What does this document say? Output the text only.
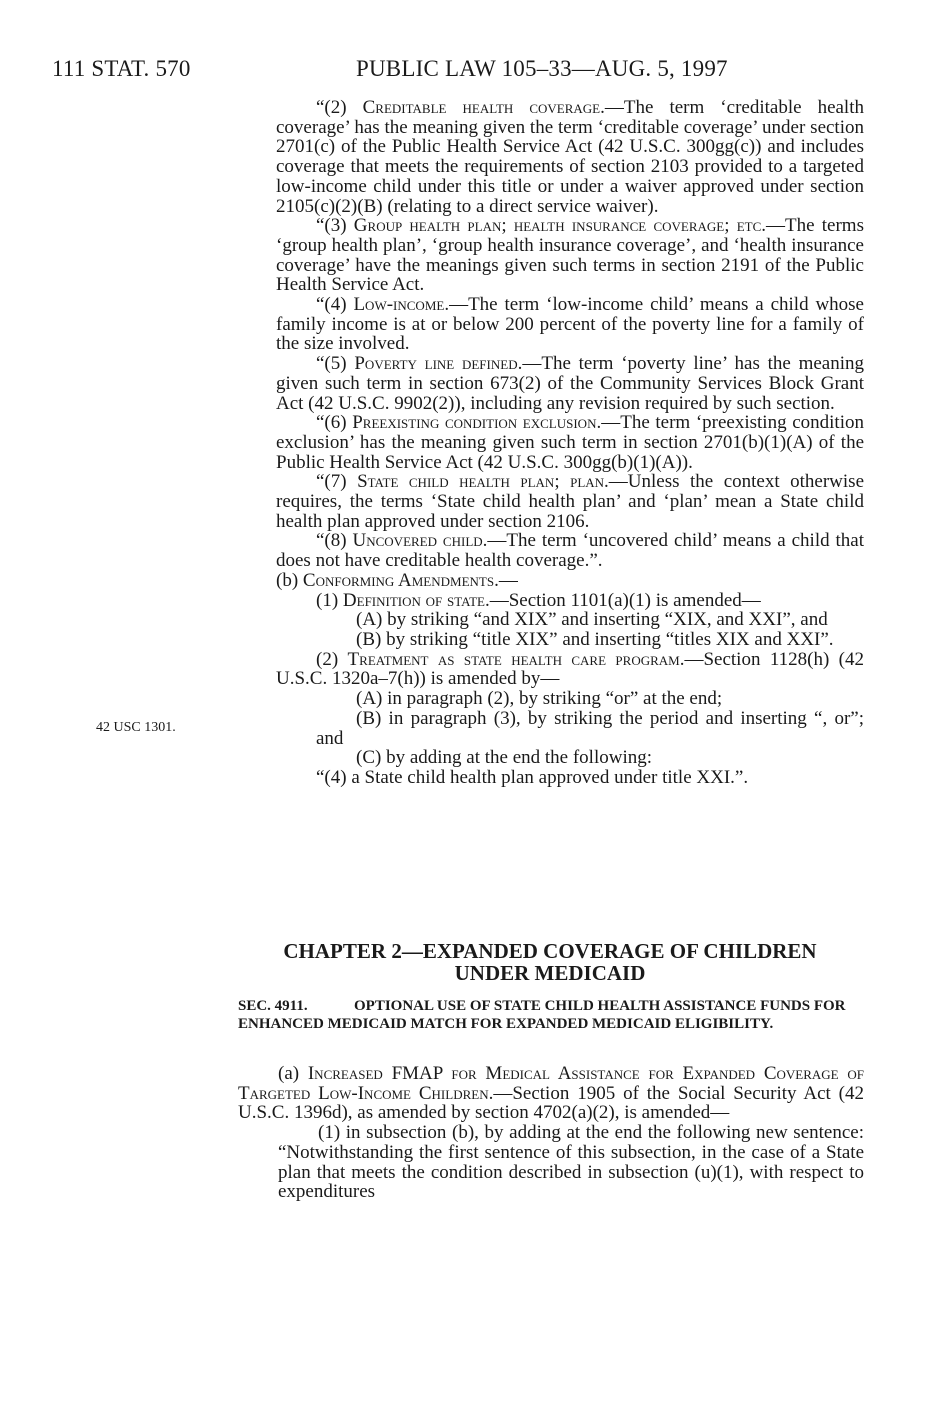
111 STAT. 570	PUBLIC LAW 105–33—AUG. 5, 1997
42 USC 1301.

“(2) Creditable health coverage.—The term ‘creditable health coverage’ has the meaning given the term ‘creditable coverage’ under section 2701(c) of the Public Health Service Act (42 U.S.C. 300gg(c)) and includes coverage that meets the requirements of section 2103 provided to a targeted low-income child under this title or under a waiver approved under section 2105(c)(2)(B) (relating to a direct service waiver).

“(3) Group health plan; health insurance coverage; etc.—The terms ‘group health plan’, ‘group health insurance coverage’, and ‘health insurance coverage’ have the meanings given such terms in section 2191 of the Public Health Service Act.

“(4) Low-income.—The term ‘low-income child’ means a child whose family income is at or below 200 percent of the poverty line for a family of the size involved.

“(5) Poverty line defined.—The term ‘poverty line’ has the meaning given such term in section 673(2) of the Community Services Block Grant Act (42 U.S.C. 9902(2)), including any revision required by such section.

“(6) Preexisting condition exclusion.—The term ‘preexisting condition exclusion’ has the meaning given such term in section 2701(b)(1)(A) of the Public Health Service Act (42 U.S.C. 300gg(b)(1)(A)).

“(7) State child health plan; plan.—Unless the context otherwise requires, the terms ‘State child health plan’ and ‘plan’ mean a State child health plan approved under section 2106.

“(8) Uncovered child.—The term ‘uncovered child’ means a child that does not have creditable health coverage.”.

(b) Conforming Amendments.—

(1) Definition of state.—Section 1101(a)(1) is amended—

(A) by striking “and XIX” and inserting “XIX, and XXI”, and

(B) by striking “title XIX” and inserting “titles XIX and XXI”.

(2) Treatment as state health care program.—Section 1128(h) (42 U.S.C. 1320a–7(h)) is amended by—

(A) in paragraph (2), by striking “or” at the end;

(B) in paragraph (3), by striking the period and inserting “, or”; and

(C) by adding at the end the following:

“(4) a State child health plan approved under title XXI.”.

CHAPTER 2—EXPANDED COVERAGE OF CHILDREN
UNDER MEDICAID
SEC. 4911.	OPTIONAL USE OF STATE CHILD HEALTH ASSISTANCE FUNDS FOR ENHANCED MEDICAID MATCH FOR EXPANDED MEDICAID ELIGIBILITY.

(a) Increased FMAP for Medical Assistance for Expanded Coverage of Targeted Low-Income Children.—Section 1905 of the Social Security Act (42 U.S.C. 1396d), as amended by section 4702(a)(2), is amended—

(1) in subsection (b), by adding at the end the following new sentence: “Notwithstanding the first sentence of this subsection, in the case of a State plan that meets the condition described in subsection (u)(1), with respect to expenditures
